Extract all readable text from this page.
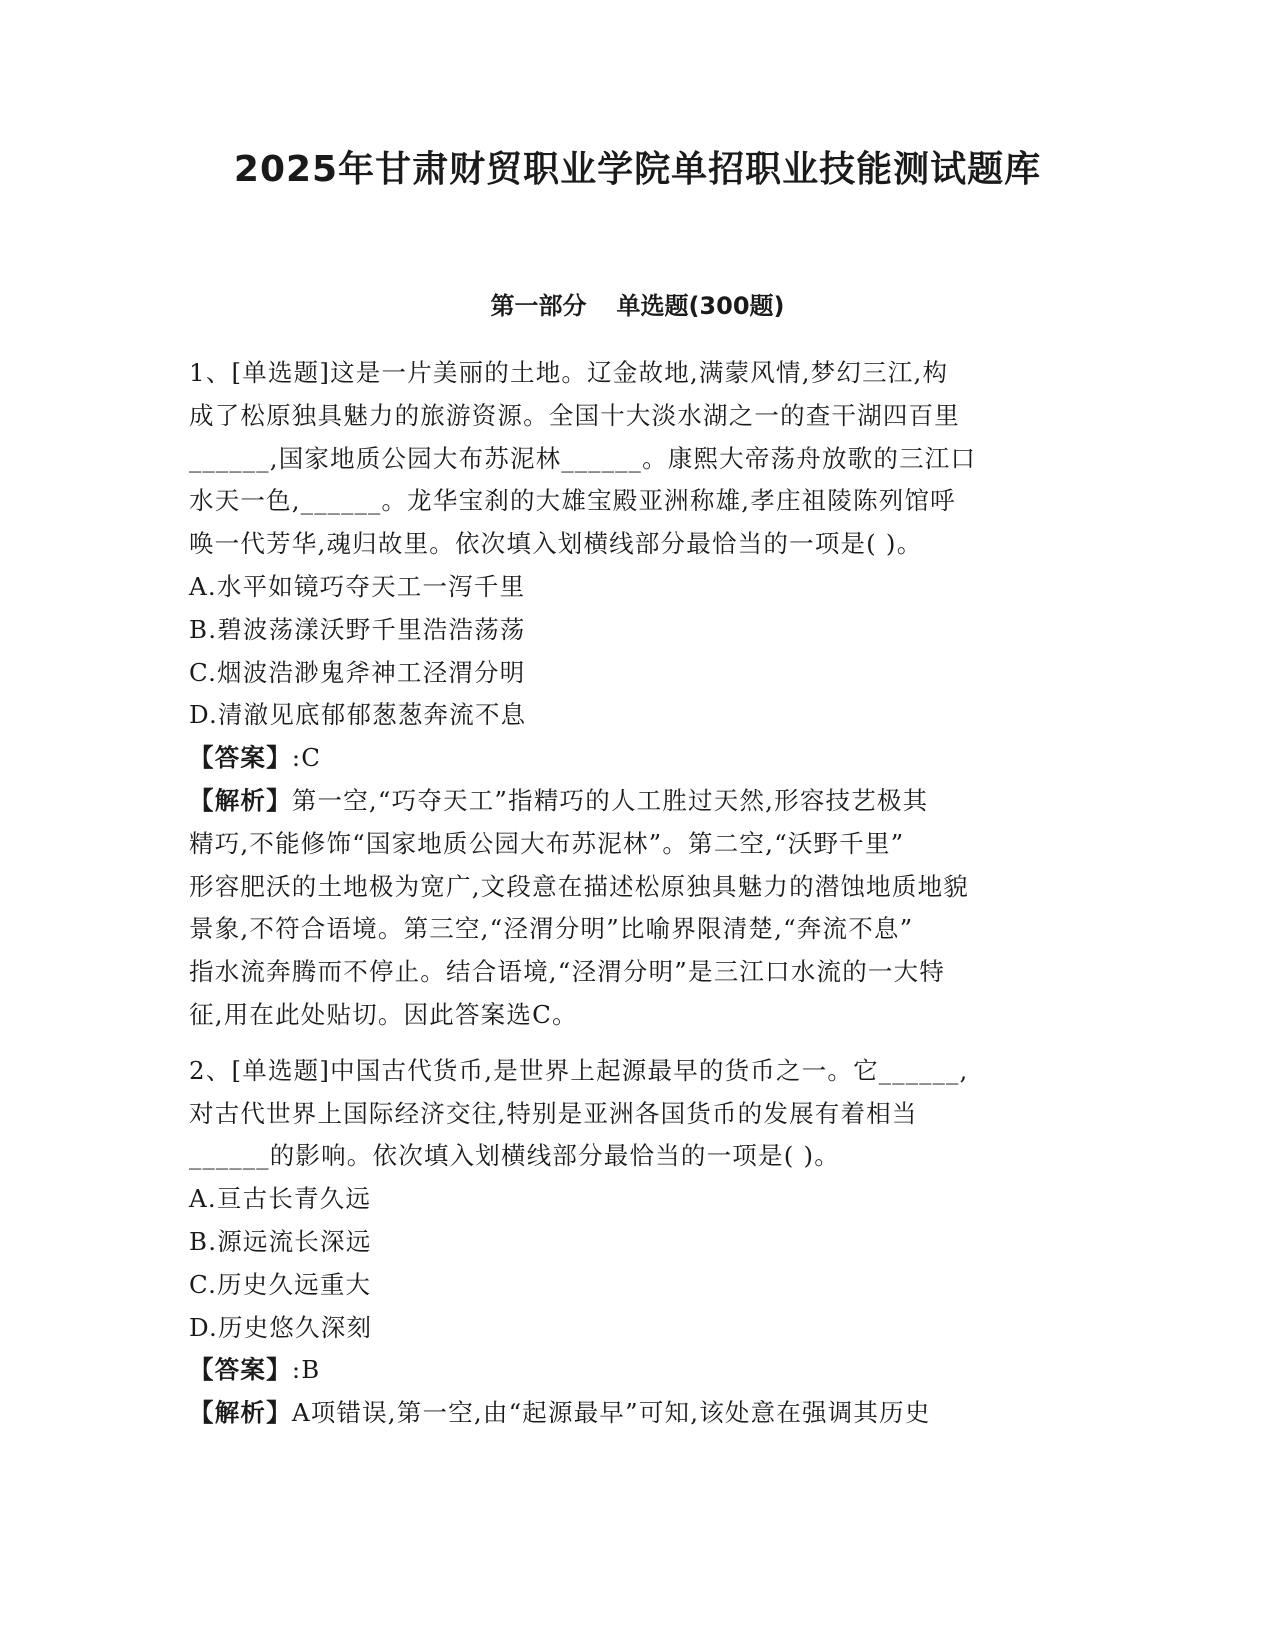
2025年甘肃财贸职业学院单招职业技能测试题库
第一部分 单选题(300题)
1、[单选题]这是一片美丽的土地。辽金故地,满蒙风情,梦幻三江,构
成了松原独具魅力的旅游资源。全国十大淡水湖之一的查干湖四百里
______,国家地质公园大布苏泥林______。康熙大帝荡舟放歌的三江口
水天一色,______。龙华宝刹的大雄宝殿亚洲称雄,孝庄祖陵陈列馆呼
唤一代芳华,魂归故里。依次填入划横线部分最恰当的一项是( )。
A.水平如镜巧夺天工一泻千里
B.碧波荡漾沃野千里浩浩荡荡
C.烟波浩渺鬼斧神工泾渭分明
D.清澈见底郁郁葱葱奔流不息
【答案】:C
【解析】第一空,“巧夺天工”指精巧的人工胜过天然,形容技艺极其
精巧,不能修饰“国家地质公园大布苏泥林”。第二空,“沃野千里”
形容肥沃的土地极为宽广,文段意在描述松原独具魅力的潜蚀地质地貌
景象,不符合语境。第三空,“泾渭分明”比喻界限清楚,“奔流不息”
指水流奔腾而不停止。结合语境,“泾渭分明”是三江口水流的一大特
征,用在此处贴切。因此答案选C。
2、[单选题]中国古代货币,是世界上起源最早的货币之一。它______,
对古代世界上国际经济交往,特别是亚洲各国货币的发展有着相当
______的影响。依次填入划横线部分最恰当的一项是( )。
A.亘古长青久远
B.源远流长深远
C.历史久远重大
D.历史悠久深刻
【答案】:B
【解析】A项错误,第一空,由“起源最早”可知,该处意在强调其历史
